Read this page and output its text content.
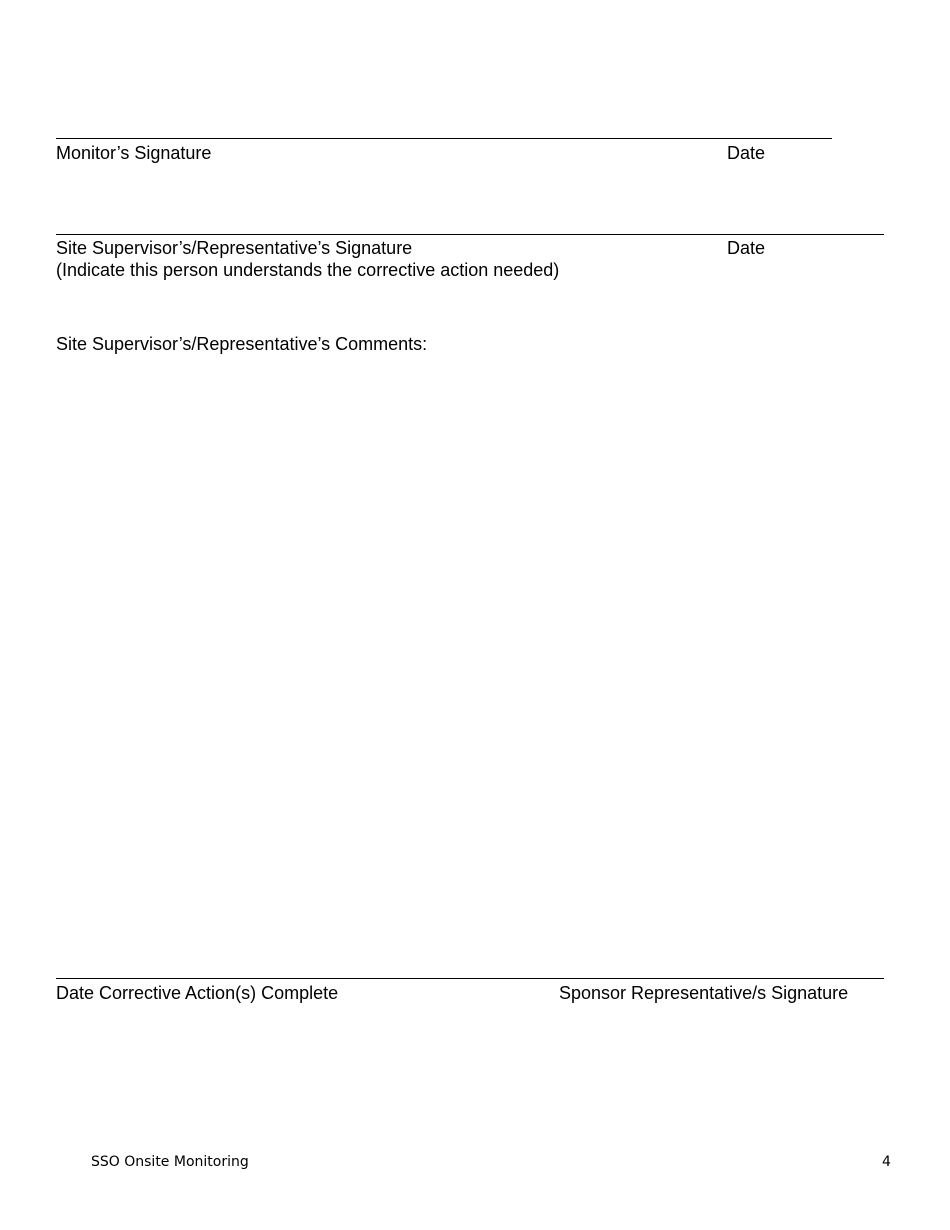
Monitor’s Signature	Date
Site Supervisor’s/Representative’s Signature	Date
(Indicate this person understands the corrective action needed)
Site Supervisor’s/Representative’s Comments:
Date Corrective Action(s) Complete	Sponsor Representative/s Signature
SSO Onsite Monitoring	4
